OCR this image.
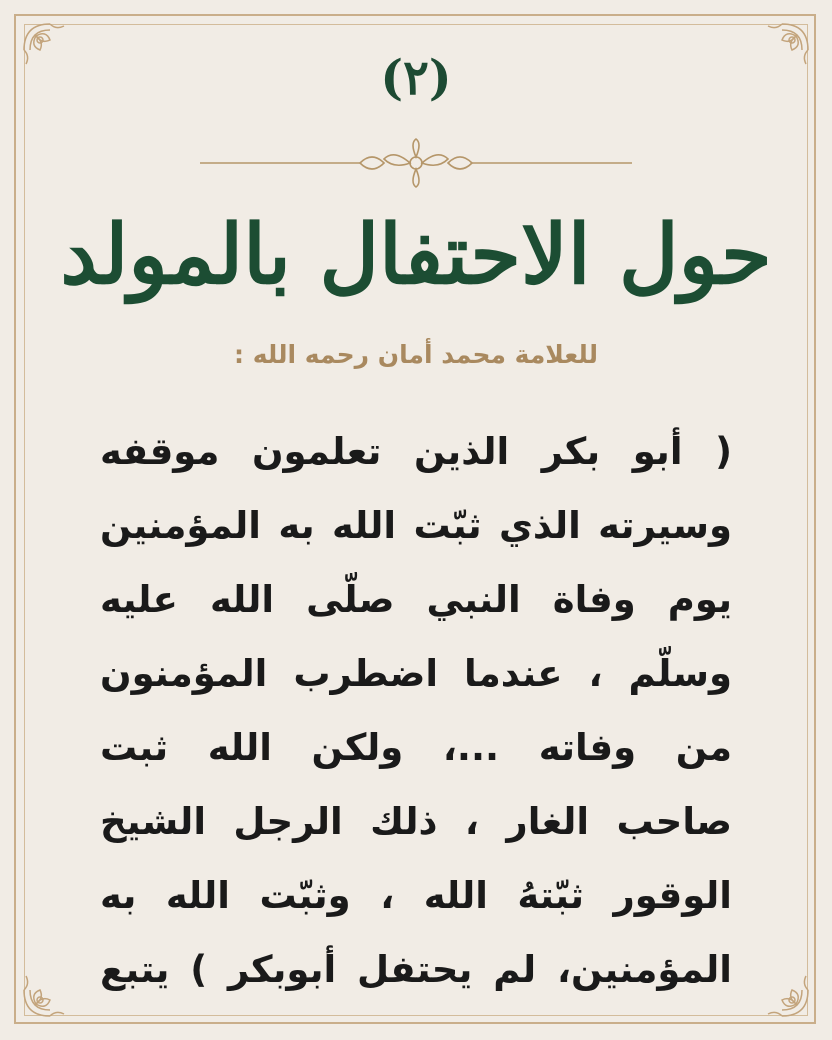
(٢)
حول الاحتفال بالمولد
للعلامة محمد أمان رحمه الله :
( أبو بكر الذين تعلمون موقفه
وسيرته الذي ثبّت الله به المؤمنين
يوم وفاة النبي صلّى الله عليه
وسلّم ، عندما اضطرب المؤمنون
من وفاته ...، ولكن الله ثبت
صاحب الغار ، ذلك الرجل الشيخ
الوقور ثبّتهُ الله ، وثبّت الله به
المؤمنين، لم يحتفل أبوبكر ) يتبع
